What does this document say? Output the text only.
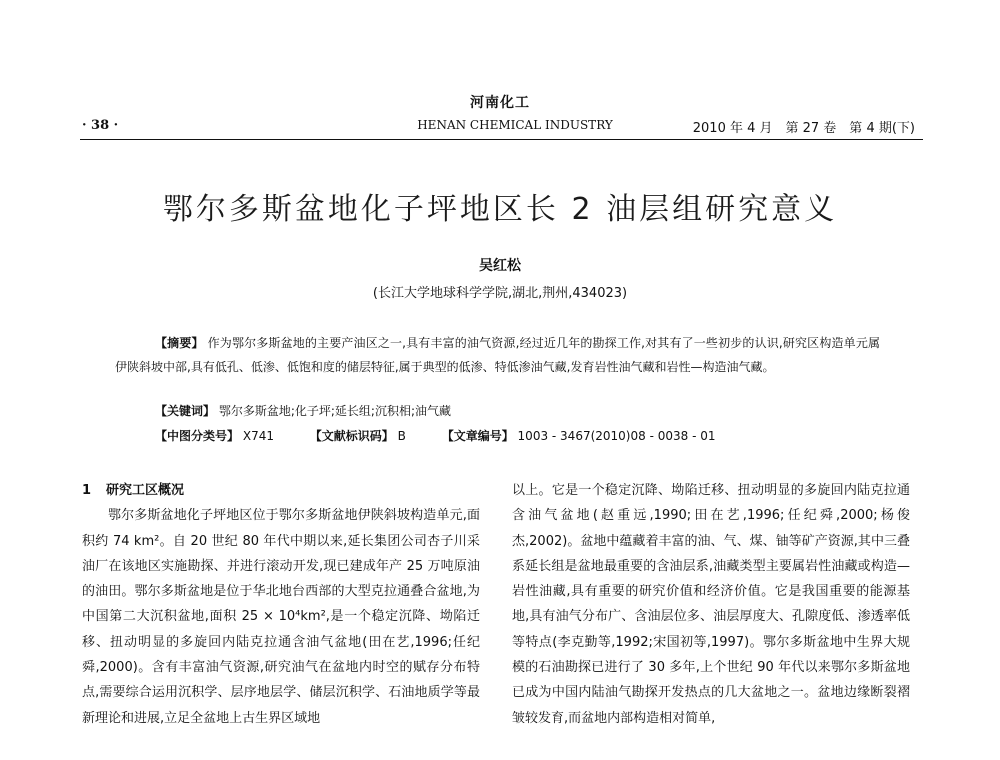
河南化工
· 38 ·	HENAN CHEMICAL INDUSTRY	2010 年 4 月　第 27 卷　第 4 期(下)
鄂尔多斯盆地化子坪地区长 2 油层组研究意义
吴红松
(长江大学地球科学学院,湖北,荆州,434023)
【摘要】 作为鄂尔多斯盆地的主要产油区之一,具有丰富的油气资源,经过近几年的勘探工作,对其有了一些初步的认识,研究区构造单元属伊陕斜坡中部,具有低孔、低渗、低饱和度的储层特征,属于典型的低渗、特低渗油气藏,发育岩性油气藏和岩性—构造油气藏。
【关键词】 鄂尔多斯盆地;化子坪;延长组;沉积相;油气藏
【中图分类号】 X741	【文献标识码】 B	【文章编号】 1003 - 3467(2010)08 - 0038 - 01

1 研究工区概况

鄂尔多斯盆地化子坪地区位于鄂尔多斯盆地伊陕斜坡构造单元,面积约 74 km²。自 20 世纪 80 年代中期以来,延长集团公司杏子川采油厂在该地区实施勘探、并进行滚动开发,现已建成年产 25 万吨原油的油田。鄂尔多斯盆地是位于华北地台西部的大型克拉通叠合盆地,为中国第二大沉积盆地,面积 25 × 10⁴km²,是一个稳定沉降、坳陷迁移、扭动明显的多旋回内陆克拉通含油气盆地(田在艺,1996;任纪舜,2000)。含有丰富油气资源,研究油气在盆地内时空的赋存分布特点,需要综合运用沉积学、层序地层学、储层沉积学、石油地质学等最新理论和进展,立足全盆地上古生界区域地

以上。它是一个稳定沉降、坳陷迁移、扭动明显的多旋回内陆克拉通含油气盆地(赵重远,1990;田在艺,1996;任纪舜,2000;杨俊杰,2002)。盆地中蕴藏着丰富的油、气、煤、铀等矿产资源,其中三叠系延长组是盆地最重要的含油层系,油藏类型主要属岩性油藏或构造—岩性油藏,具有重要的研究价值和经济价值。它是我国重要的能源基地,具有油气分布广、含油层位多、油层厚度大、孔隙度低、渗透率低等特点(李克勤等,1992;宋国初等,1997)。鄂尔多斯盆地中生界大规模的石油勘探已进行了 30 多年,上个世纪 90 年代以来鄂尔多斯盆地已成为中国内陆油气勘探开发热点的几大盆地之一。盆地边缘断裂褶皱较发育,而盆地内部构造相对简单,
